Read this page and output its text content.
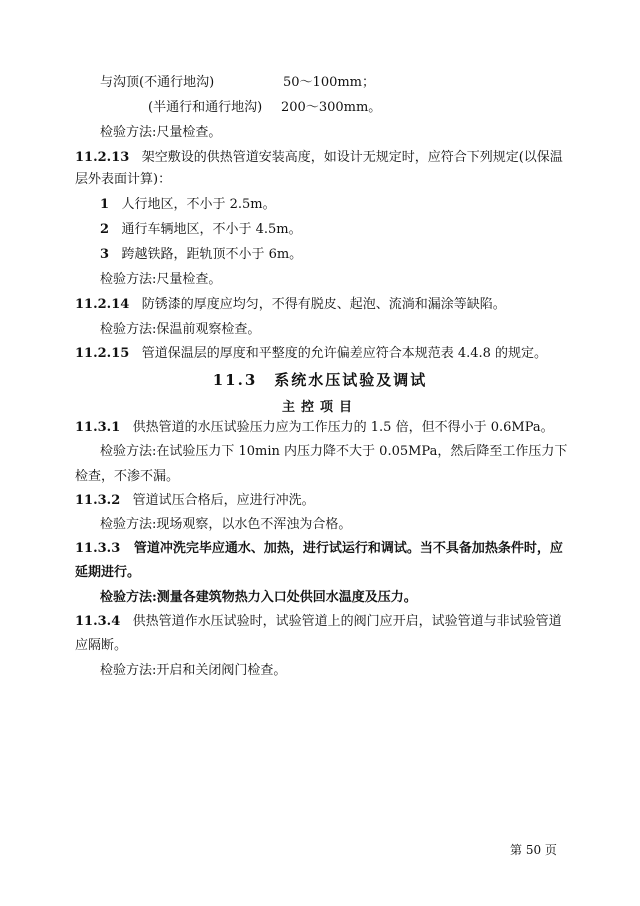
与沟顶(不通行地沟)	50～100mm；
(半通行和通行地沟) 200～300mm。
检验方法:尺量检查。
11.2.13 架空敷设的供热管道安装高度，如设计无规定时，应符合下列规定(以保温
层外表面计算)：
1 人行地区，不小于 2.5m。
2 通行车辆地区，不小于 4.5m。
3 跨越铁路，距轨顶不小于 6m。
检验方法:尺量检查。
11.2.14 防锈漆的厚度应均匀，不得有脱皮、起泡、流淌和漏涂等缺陷。
检验方法:保温前观察检查。
11.2.15 管道保温层的厚度和平整度的允许偏差应符合本规范表 4.4.8 的规定。
11.3　系统水压试验及调试
主控项目
11.3.1 供热管道的水压试验压力应为工作压力的 1.5 倍，但不得小于 0.6MPa。
检验方法:在试验压力下 10min 内压力降不大于 0.05MPa，然后降至工作压力下
检查，不渗不漏。
11.3.2 管道试压合格后，应进行冲洗。
检验方法:现场观察，以水色不浑浊为合格。
11.3.3 管道冲洗完毕应通水、加热，进行试运行和调试。当不具备加热条件时，应
延期进行。
检验方法:测量各建筑物热力入口处供回水温度及压力。
11.3.4 供热管道作水压试验时，试验管道上的阀门应开启，试验管道与非试验管道
应隔断。
检验方法:开启和关闭阀门检查。
第 50 页
